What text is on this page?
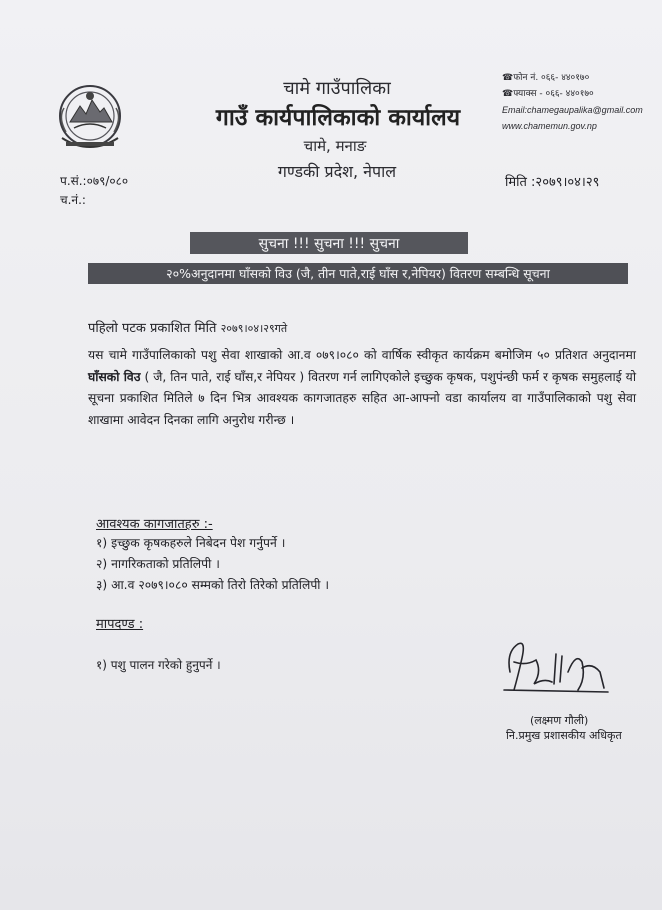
चामे गाउँपालिका
गाउँ कार्यपालिकाको कार्यालय
चामे, मनाङ
गण्डकी प्रदेश, नेपाल
☎फोन नं. ०६६- ४४०१७०
☎फ्याक्स - ०६६- ४४०१७०
Email:chamegaupalika@gmail.com
www.chamemun.gov.np
प.सं.:०७९/०८०
च.नं.:
मिति :२०७९।०४।२९
सुचना !!! सुचना !!! सुचना
२०%अनुदानमा घाँसको विउ (जै, तीन पाते,राई घाँस र,नेपियर) वितरण सम्बन्धि सूचना
पहिलो पटक प्रकाशित मिति २०७९।०४।२९गते
यस चामे गाउँपालिकाको पशु सेवा शाखाको आ.व ०७९।०८० को वार्षिक स्वीकृत कार्यक्रम बमोजिम ५० प्रतिशत अनुदानमा घाँसको विउ ( जै, तिन पाते, राई घाँस,र नेपियर ) वितरण गर्न लागिएकोले इच्छुक कृषक, पशुपंन्छी फर्म र कृषक समुहलाई यो सूचना प्रकाशित मितिले ७ दिन भित्र आवश्यक कागजातहरु सहित आ-आफ्नो वडा कार्यालय वा गाउँपालिकाको पशु सेवा शाखामा आवेदन दिनका लागि अनुरोध गरीन्छ ।
आवश्यक कागजातहरु :-
१) इच्छुक कृषकहरुले निबेदन पेश गर्नुपर्ने ।
२) नागरिकताको प्रतिलिपी ।
३) आ.व २०७९।०८० सम्मको तिरो तिरेको प्रतिलिपी ।
मापदण्ड :
१) पशु पालन गरेको हुनुपर्ने ।
(लक्ष्मण गौली)
नि.प्रमुख प्रशासकीय अधिकृत
